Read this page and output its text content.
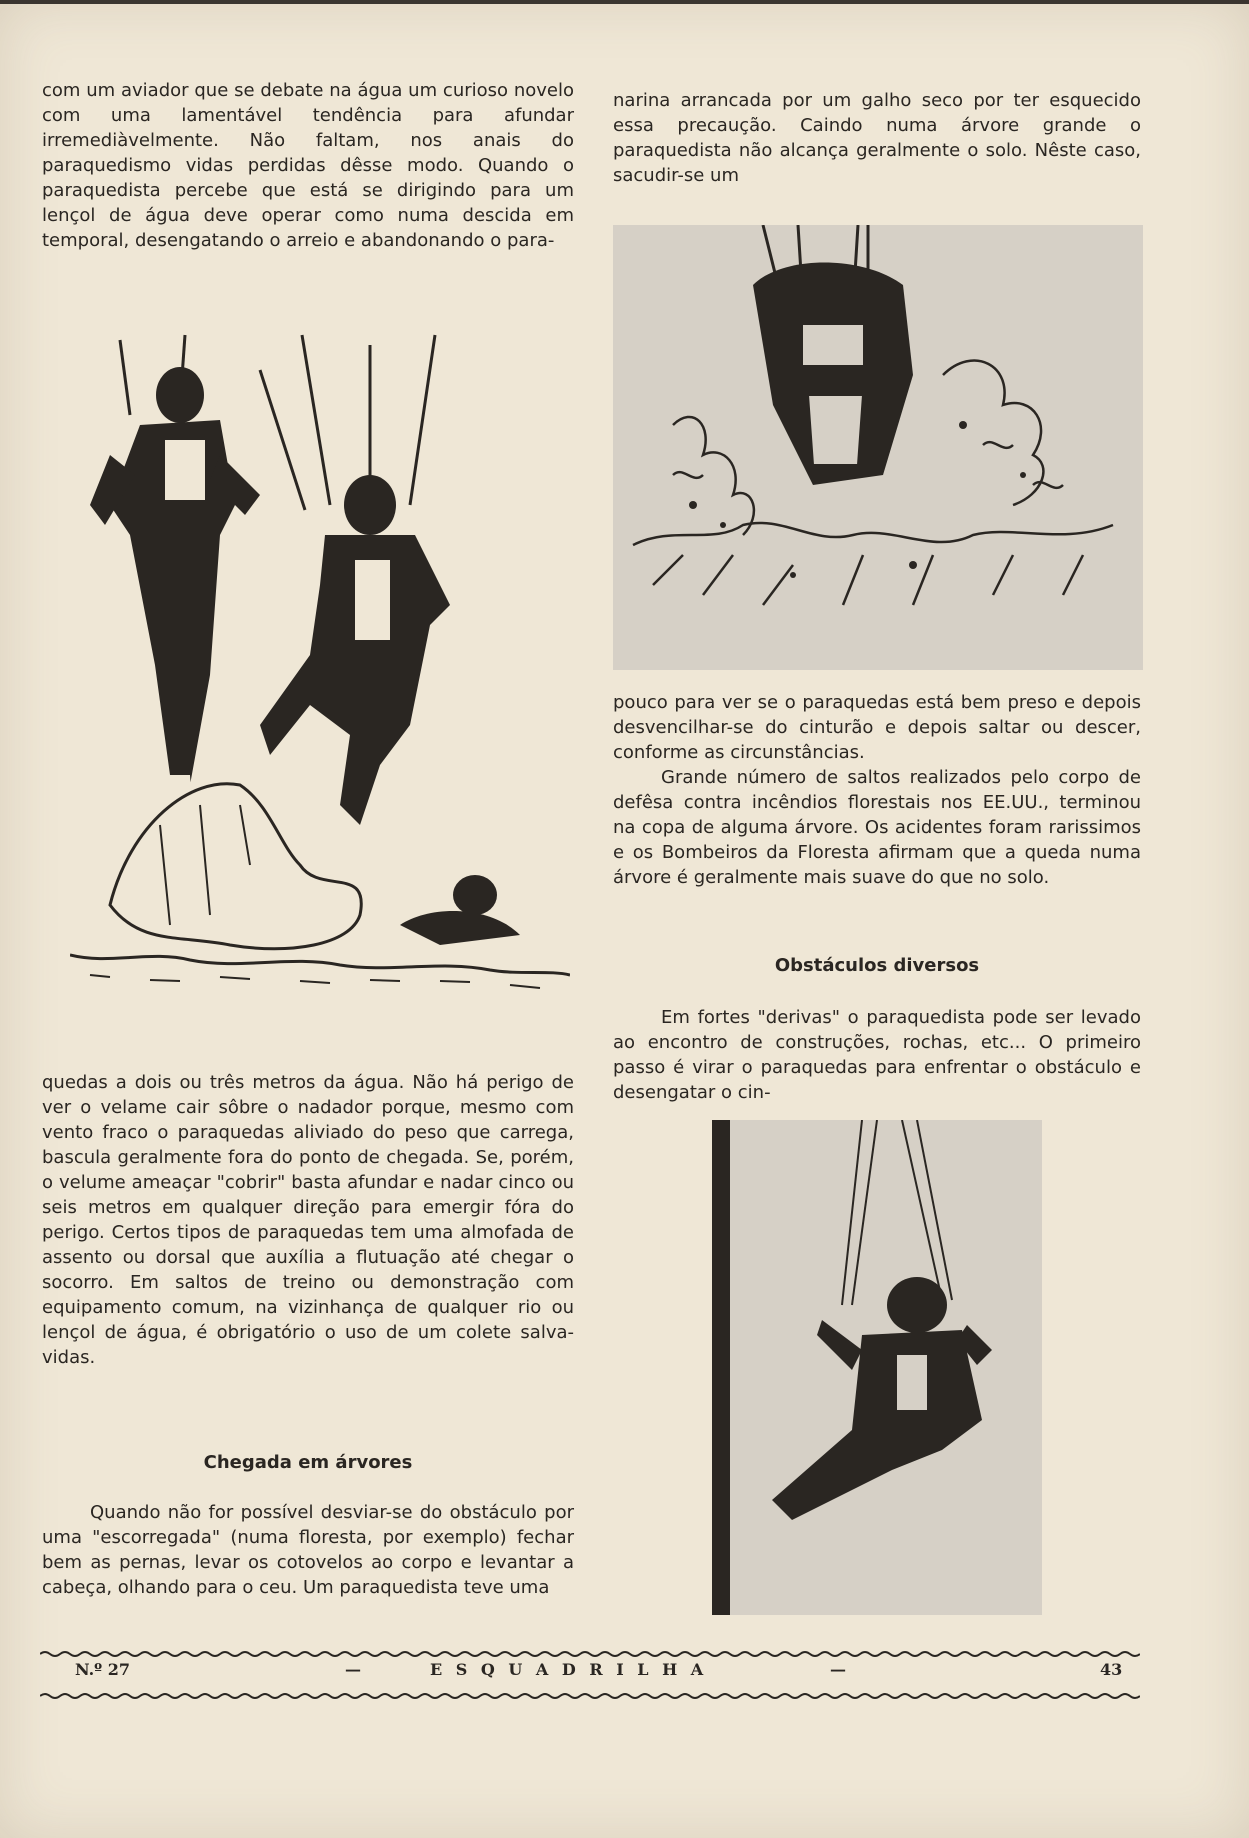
com um aviador que se debate na água um curioso novelo com uma lamentável tendência para afundar irremediàvelmente. Não faltam, nos anais do paraquedismo vidas perdidas dêsse modo. Quando o paraquedista percebe que está se dirigindo para um lençol de água deve operar como numa descida em temporal, desengatando o arreio e abandonando o para-

quedas a dois ou três metros da água. Não há perigo de ver o velame cair sôbre o nadador porque, mesmo com vento fraco o paraquedas aliviado do peso que carrega, bascula geralmente fora do ponto de chegada. Se, porém, o velume ameaçar "cobrir" basta afundar e nadar cinco ou seis metros em qualquer direção para emergir fóra do perigo. Certos tipos de paraquedas tem uma almofada de assento ou dorsal que auxília a flutuação até chegar o socorro. Em saltos de treino ou demonstração com equipamento comum, na vizinhança de qualquer rio ou lençol de água, é obrigatório o uso de um colete salva-vidas.

Chegada em árvores

Quando não for possível desviar-se do obstáculo por uma "escorregada" (numa floresta, por exemplo) fechar bem as pernas, levar os cotovelos ao corpo e levantar a cabeça, olhando para o ceu. Um paraquedista teve uma

narina arrancada por um galho seco por ter esquecido essa precaução. Caindo numa árvore grande o paraquedista não alcança geralmente o solo. Nêste caso, sacudir-se um

pouco para ver se o paraquedas está bem preso e depois desvencilhar-se do cinturão e depois saltar ou descer, conforme as circunstâncias.

Grande número de saltos realizados pelo corpo de defêsa contra incêndios florestais nos EE.UU., terminou na copa de alguma árvore. Os acidentes foram rarissimos e os Bombeiros da Floresta afirmam que a queda numa árvore é geralmente mais suave do que no solo.

Obstáculos diversos

Em fortes "derivas" o paraquedista pode ser levado ao encontro de construções, rochas, etc... O primeiro passo é virar o paraquedas para enfrentar o obstáculo e desengatar o cin-

N.º 27	—	E S Q U A D R I L H A	—	43
